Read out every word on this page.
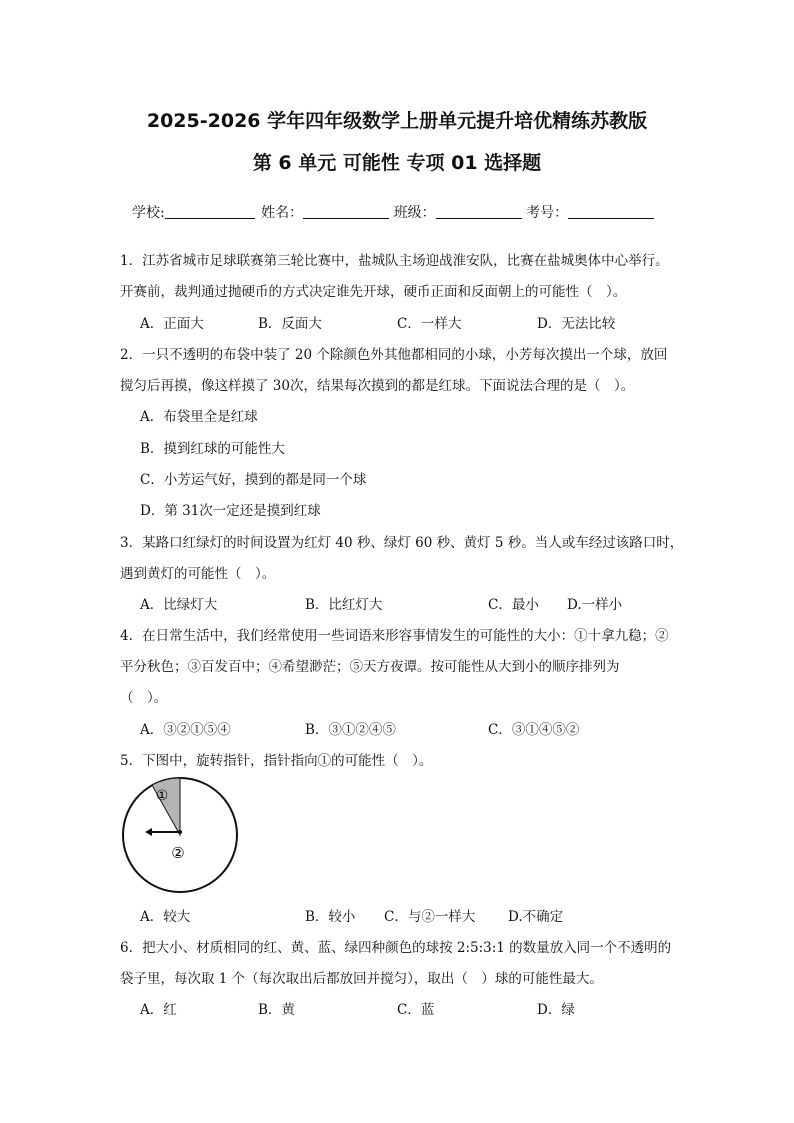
2025-2026 学年四年级数学上册单元提升培优精练苏教版
第 6 单元 可能性 专项 01 选择题
学校:	姓名：	班级：	考号：
1．江苏省城市足球联赛第三轮比赛中，盐城队主场迎战淮安队，比赛在盐城奥体中心举行。
开赛前，裁判通过抛硬币的方式决定谁先开球，硬币正面和反面朝上的可能性（　）。
A．正面大	B．反面大	C．一样大	D．无法比较
2．一只不透明的布袋中装了 20 个除颜色外其他都相同的小球，小芳每次摸出一个球，放回
搅匀后再摸，像这样摸了 30次，结果每次摸到的都是红球。下面说法合理的是（　）。
A．布袋里全是红球
B．摸到红球的可能性大
C．小芳运气好，摸到的都是同一个球
D．第 31次一定还是摸到红球
3．某路口红绿灯的时间设置为红灯 40 秒、绿灯 60 秒、黄灯 5 秒。当人或车经过该路口时，
遇到黄灯的可能性（　）。
A．比绿灯大	B．比红灯大	C．最小 D.一样小
4．在日常生活中，我们经常使用一些词语来形容事情发生的可能性的大小：①十拿九稳；②
平分秋色；③百发百中；④希望渺茫；⑤天方夜谭。按可能性从大到小的顺序排列为
（　）。
A．③②①⑤④	B．③①②④⑤	C．③①④⑤②
5．下图中，旋转指针，指针指向①的可能性（　）。
①
②
A．较大	B．较小 C．与②一样大 D.不确定
6．把大小、材质相同的红、黄、蓝、绿四种颜色的球按 2:5:3:1 的数量放入同一个不透明的
袋子里，每次取 1 个（每次取出后都放回并搅匀），取出（　）球的可能性最大。
A．红	B．黄	C．蓝	D．绿
